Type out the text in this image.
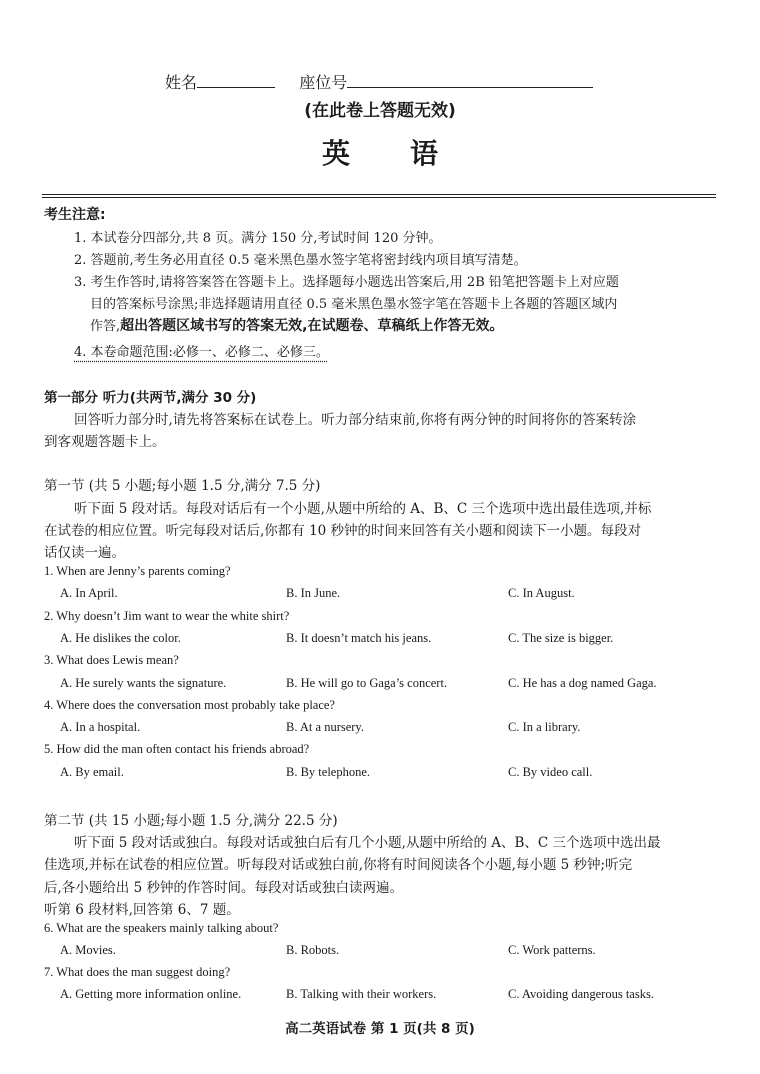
姓名	座位号
(在此卷上答题无效)
英语
考生注意:
1. 本试卷分四部分,共 8 页。满分 150 分,考试时间 120 分钟。
2. 答题前,考生务必用直径 0.5 毫米黑色墨水签字笔将密封线内项目填写清楚。
3. 考生作答时,请将答案答在答题卡上。选择题每小题选出答案后,用 2B 铅笔把答题卡上对应题
目的答案标号涂黑;非选择题请用直径 0.5 毫米黑色墨水签字笔在答题卡上各题的答题区域内
作答,超出答题区域书写的答案无效,在试题卷、草稿纸上作答无效。
4. 本卷命题范围:必修一、必修二、必修三。
第一部分 听力(共两节,满分 30 分)
回答听力部分时,请先将答案标在试卷上。听力部分结束前,你将有两分钟的时间将你的答案转涂
到客观题答题卡上。
第一节 (共 5 小题;每小题 1.5 分,满分 7.5 分)
听下面 5 段对话。每段对话后有一个小题,从题中所给的 A、B、C 三个选项中选出最佳选项,并标
在试卷的相应位置。听完每段对话后,你都有 10 秒钟的时间来回答有关小题和阅读下一小题。每段对
话仅读一遍。
1. When are Jenny’s parents coming?
A. In April.	B. In June.	C. In August.
2. Why doesn’t Jim want to wear the white shirt?
A. He dislikes the color.	B. It doesn’t match his jeans.	C. The size is bigger.
3. What does Lewis mean?
A. He surely wants the signature.	B. He will go to Gaga’s concert.	C. He has a dog named Gaga.
4. Where does the conversation most probably take place?
A. In a hospital.	B. At a nursery.	C. In a library.
5. How did the man often contact his friends abroad?
A. By email.	B. By telephone.	C. By video call.
第二节 (共 15 小题;每小题 1.5 分,满分 22.5 分)
听下面 5 段对话或独白。每段对话或独白后有几个小题,从题中所给的 A、B、C 三个选项中选出最
佳选项,并标在试卷的相应位置。听每段对话或独白前,你将有时间阅读各个小题,每小题 5 秒钟;听完
后,各小题给出 5 秒钟的作答时间。每段对话或独白读两遍。
听第 6 段材料,回答第 6、7 题。
6. What are the speakers mainly talking about?
A. Movies.	B. Robots.	C. Work patterns.
7. What does the man suggest doing?
A. Getting more information online.	B. Talking with their workers.	C. Avoiding dangerous tasks.
高二英语试卷 第 1 页(共 8 页)
